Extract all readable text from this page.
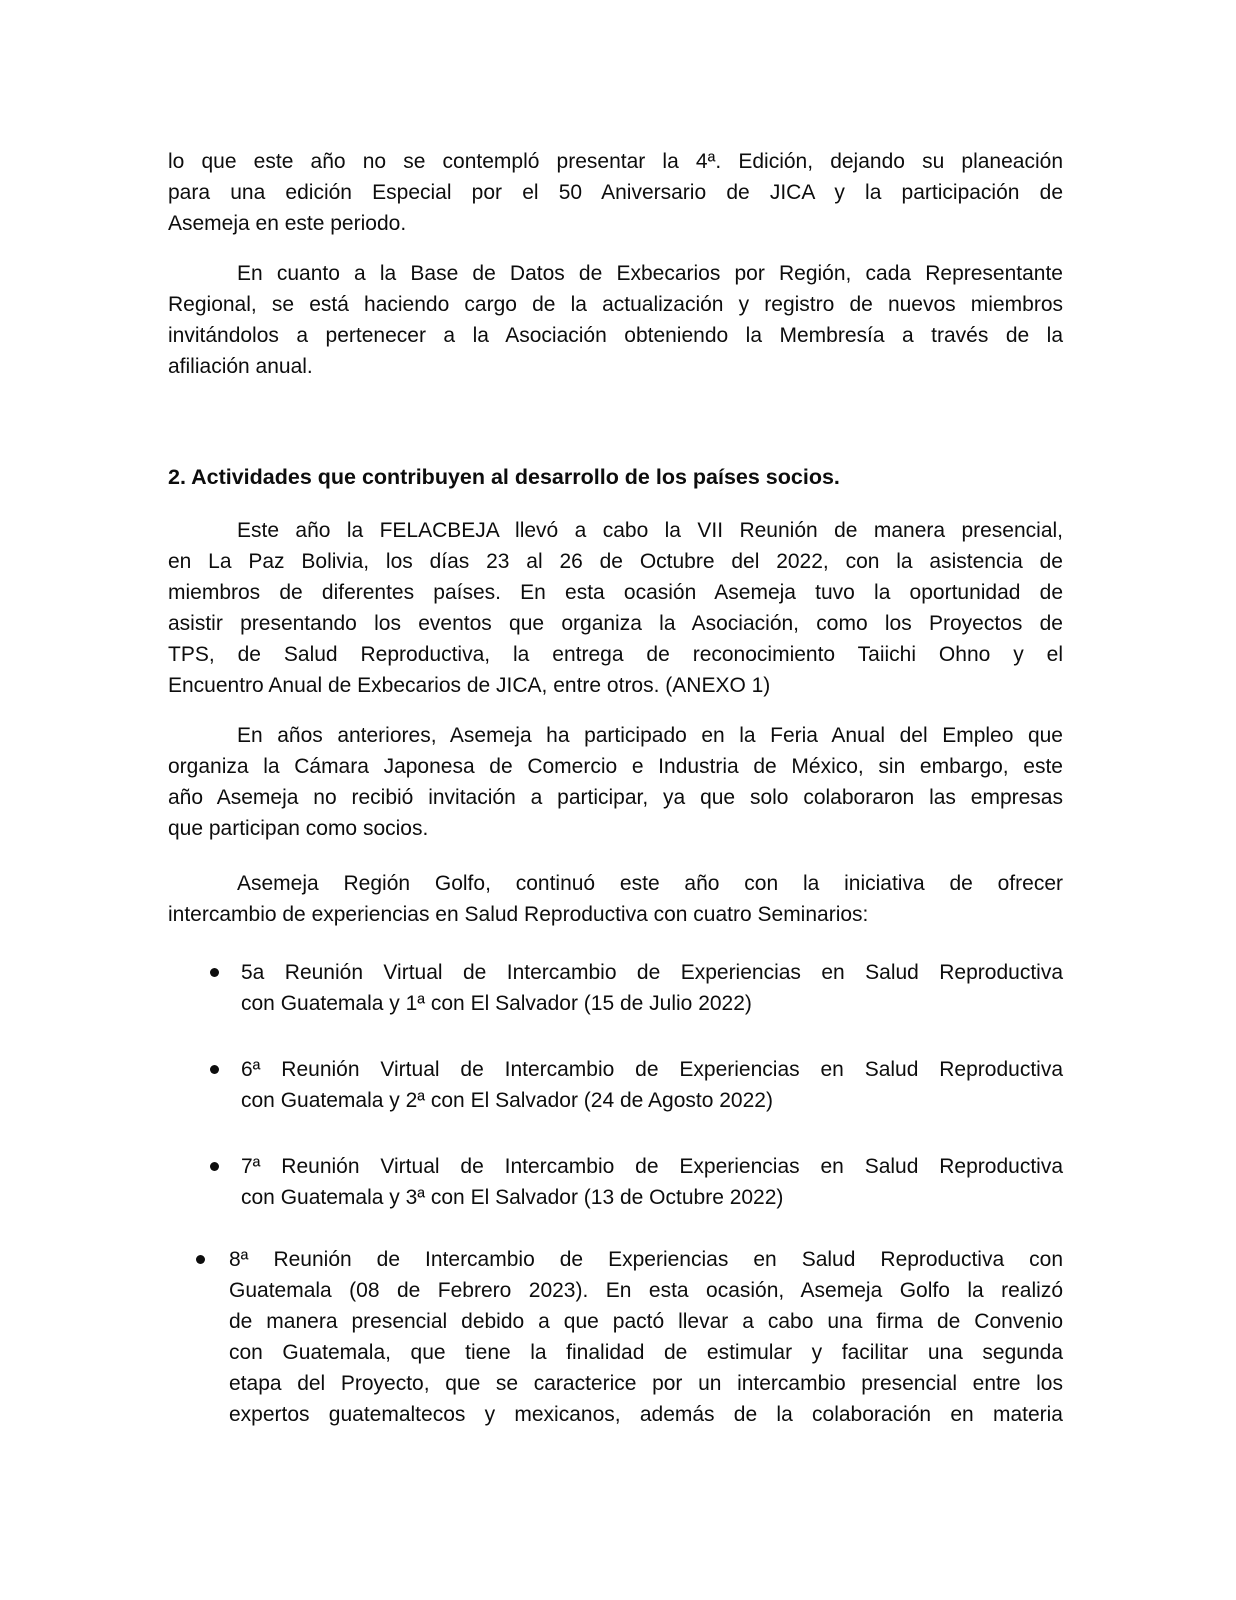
lo que este año no se contempló presentar la 4ª. Edición, dejando su planeación
para una edición Especial por el 50 Aniversario de JICA y la participación de
Asemeja en este periodo.
En cuanto a la Base de Datos de Exbecarios por Región, cada Representante
Regional, se está haciendo cargo de la actualización y registro de nuevos miembros
invitándolos a pertenecer a la Asociación obteniendo la Membresía a través de la
afiliación anual.
2. Actividades que contribuyen al desarrollo de los países socios.
Este año la FELACBEJA llevó a cabo la VII Reunión de manera presencial,
en La Paz Bolivia, los días 23 al 26 de Octubre del 2022, con la asistencia de
miembros de diferentes países. En esta ocasión Asemeja tuvo la oportunidad de
asistir presentando los eventos que organiza la Asociación, como los Proyectos de
TPS, de Salud Reproductiva, la entrega de reconocimiento Taiichi Ohno y el
Encuentro Anual de Exbecarios de JICA, entre otros. (ANEXO 1)
En años anteriores, Asemeja ha participado en la Feria Anual del Empleo que
organiza la Cámara Japonesa de Comercio e Industria de México, sin embargo, este
año Asemeja no recibió invitación a participar, ya que solo colaboraron las empresas
que participan como socios.
Asemeja Región Golfo, continuó este año con la iniciativa de ofrecer
intercambio de experiencias en Salud Reproductiva con cuatro Seminarios:
5a Reunión Virtual de Intercambio de Experiencias en Salud Reproductiva
con Guatemala y 1ª con El Salvador (15 de Julio 2022)
6ª Reunión Virtual de Intercambio de Experiencias en Salud Reproductiva
con Guatemala y 2ª con El Salvador (24 de Agosto 2022)
7ª Reunión Virtual de Intercambio de Experiencias en Salud Reproductiva
con Guatemala y 3ª con El Salvador (13 de Octubre 2022)
8ª Reunión de Intercambio de Experiencias en Salud Reproductiva con
Guatemala (08 de Febrero 2023). En esta ocasión, Asemeja Golfo la realizó
de manera presencial debido a que pactó llevar a cabo una firma de Convenio
con Guatemala, que tiene la finalidad de estimular y facilitar una segunda
etapa del Proyecto, que se caracterice por un intercambio presencial entre los
expertos guatemaltecos y mexicanos, además de la colaboración en materia
